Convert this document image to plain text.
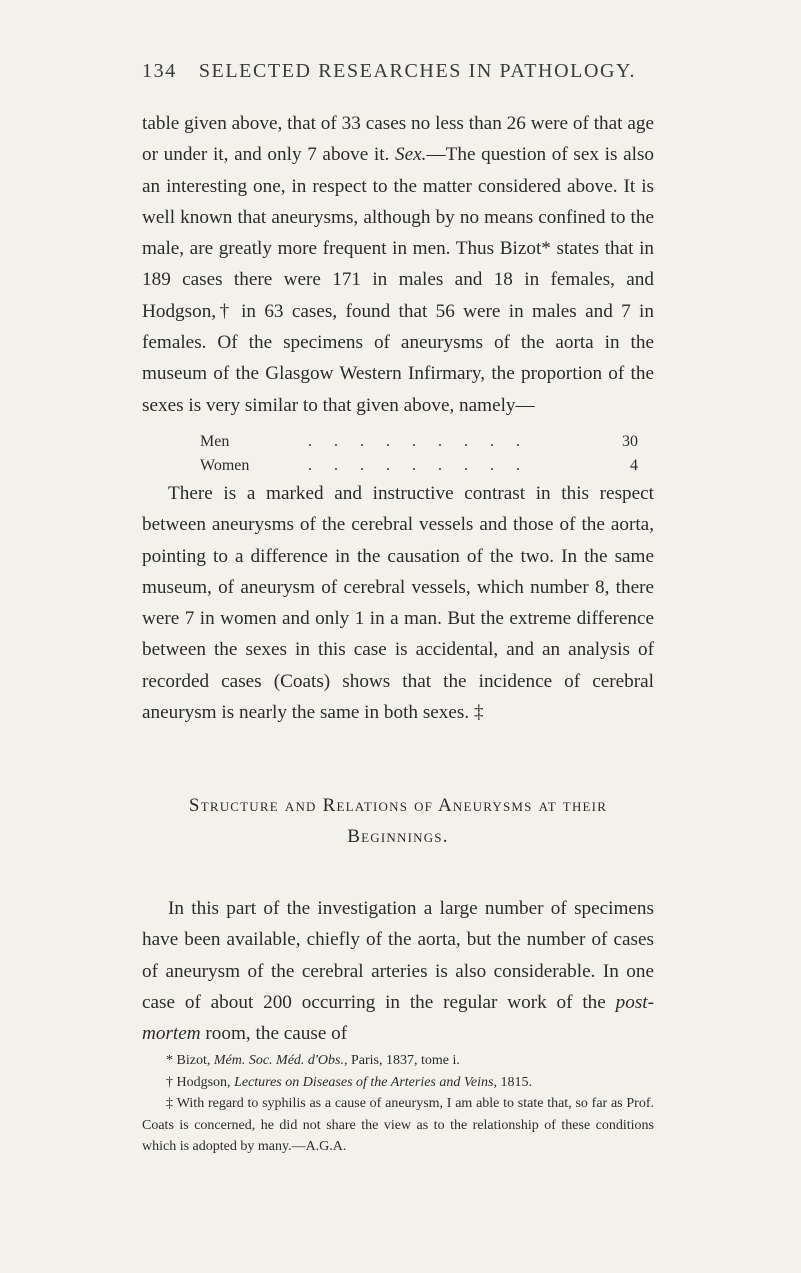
134 SELECTED RESEARCHES IN PATHOLOGY.

table given above, that of 33 cases no less than 26 were of that age or under it, and only 7 above it. Sex.—The question of sex is also an interesting one, in respect to the matter considered above. It is well known that aneurysms, although by no means confined to the male, are greatly more frequent in men. Thus Bizot* states that in 189 cases there were 171 in males and 18 in females, and Hodgson,† in 63 cases, found that 56 were in males and 7 in females. Of the specimens of aneurysms of the aorta in the museum of the Glasgow Western Infirmary, the proportion of the sexes is very similar to that given above, namely—

Men	. . . . . . . . .	30
Women	. . . . . . . . .	4

There is a marked and instructive contrast in this respect between aneurysms of the cerebral vessels and those of the aorta, pointing to a difference in the causation of the two. In the same museum, of aneurysm of cerebral vessels, which number 8, there were 7 in women and only 1 in a man. But the extreme difference between the sexes in this case is accidental, and an analysis of recorded cases (Coats) shows that the incidence of cerebral aneurysm is nearly the same in both sexes. ‡

Structure and Relations of Aneurysms at their
Beginnings.

In this part of the investigation a large number of specimens have been available, chiefly of the aorta, but the number of cases of aneurysm of the cerebral arteries is also considerable. In one case of about 200 occurring in the regular work of the post-mortem room, the cause of

* Bizot, Mém. Soc. Méd. d'Obs., Paris, 1837, tome i.

† Hodgson, Lectures on Diseases of the Arteries and Veins, 1815.

‡ With regard to syphilis as a cause of aneurysm, I am able to state that, so far as Prof. Coats is concerned, he did not share the view as to the relationship of these conditions which is adopted by many.—A.G.A.
